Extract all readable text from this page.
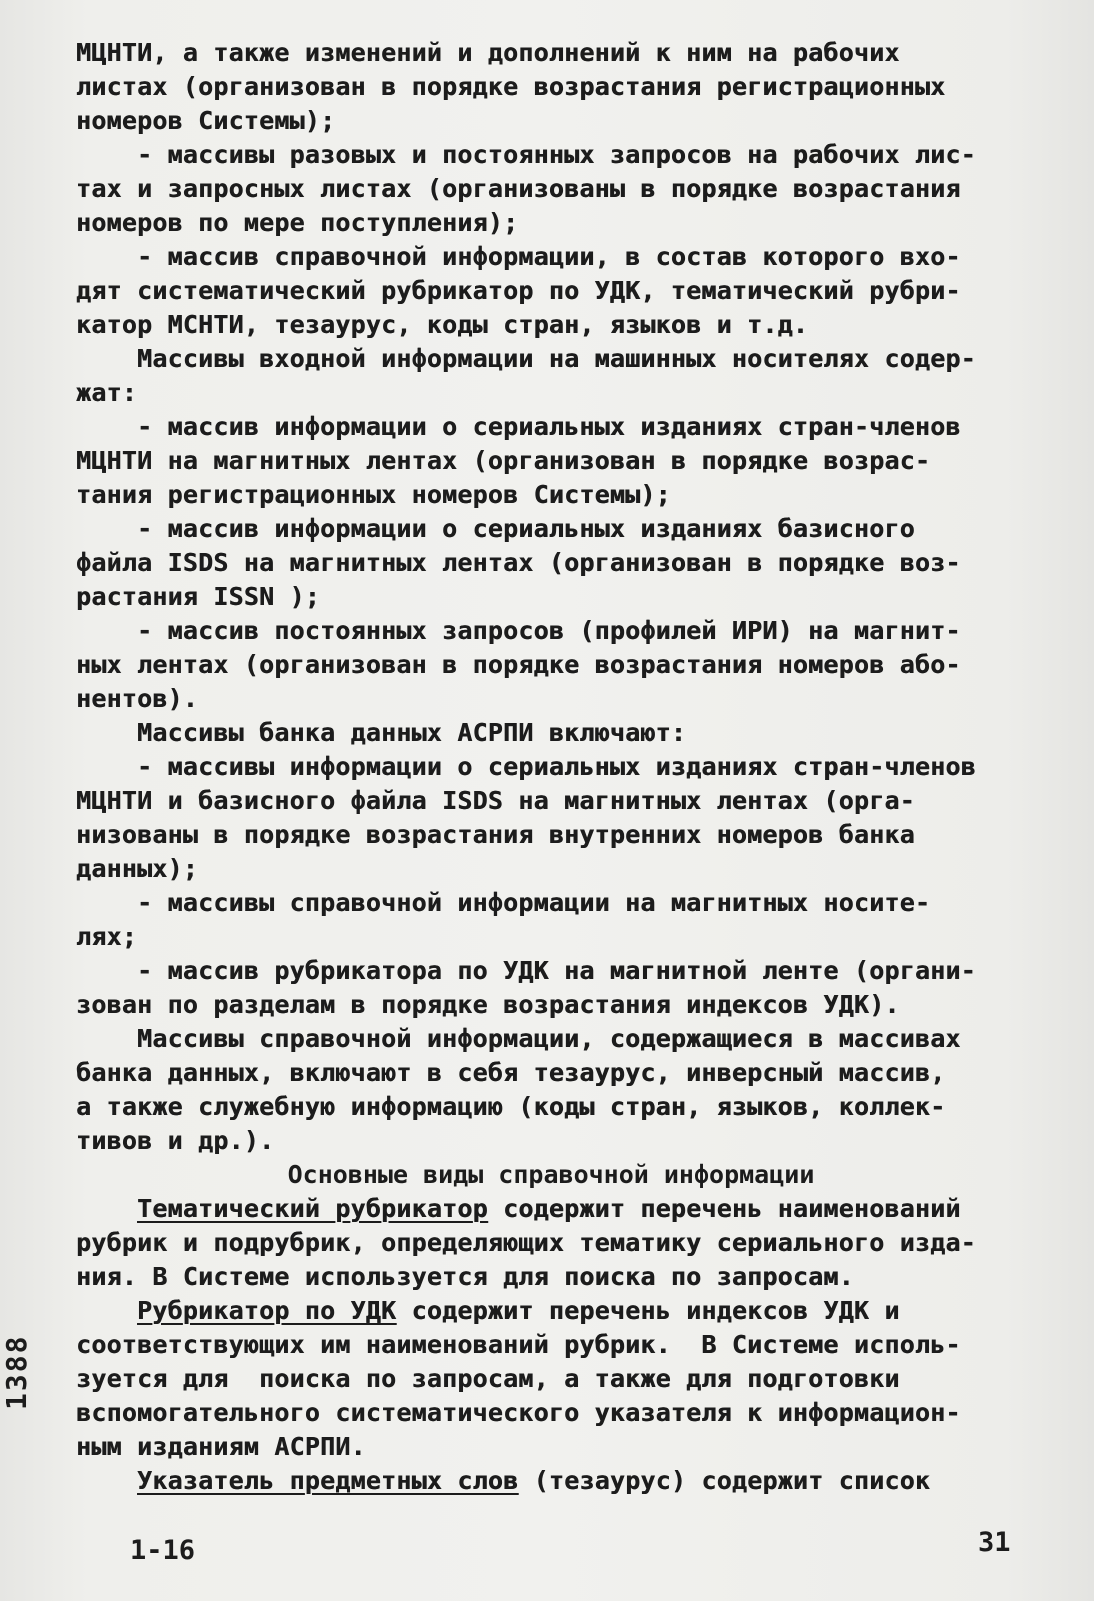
МЦНТИ, а также изменений и дополнений к ним на рабочих
листах (организован в порядке возрастания регистрационных
номеров Системы);
- массивы разовых и постоянных запросов на рабочих лис-
тах и запросных листах (организованы в порядке возрастания
номеров по мере поступления);
- массив справочной информации, в состав которого вхо-
дят систематический рубрикатор по УДК, тематический рубри-
катор МСНТИ, тезаурус, коды стран, языков и т.д.
Массивы входной информации на машинных носителях содер-
жат:
- массив информации о сериальных изданиях стран-членов
МЦНТИ на магнитных лентах (организован в порядке возрас-
тания регистрационных номеров Системы);
- массив информации о сериальных изданиях базисного
файла ISDS на магнитных лентах (организован в порядке воз-
растания ISSN );
- массив постоянных запросов (профилей ИРИ) на магнит-
ных лентах (организован в порядке возрастания номеров або-
нентов).
Массивы банка данных АСРПИ включают:
- массивы информации о сериальных изданиях стран-членов
МЦНТИ и базисного файла ISDS на магнитных лентах (орга-
низованы в порядке возрастания внутренних номеров банка
данных);
- массивы справочной информации на магнитных носите-
лях;
- массив рубрикатора по УДК на магнитной ленте (органи-
зован по разделам в порядке возрастания индексов УДК).
Массивы справочной информации, содержащиеся в массивах
банка данных, включают в себя тезаурус, инверсный массив,
а также служебную информацию (коды стран, языков, коллек-
тивов и др.).
Основные виды справочной информации
Тематический рубрикатор содержит перечень наименований
рубрик и подрубрик, определяющих тематику сериального изда-
ния. В Системе используется для поиска по запросам.
Рубрикатор по УДК содержит перечень индексов УДК и
соответствующих им наименований рубрик.  В Системе исполь-
зуется для  поиска по запросам, а также для подготовки
вспомогательного систематического указателя к информацион-
ным изданиям АСРПИ.
Указатель предметных слов (тезаурус) содержит список
1388
1-16	31
